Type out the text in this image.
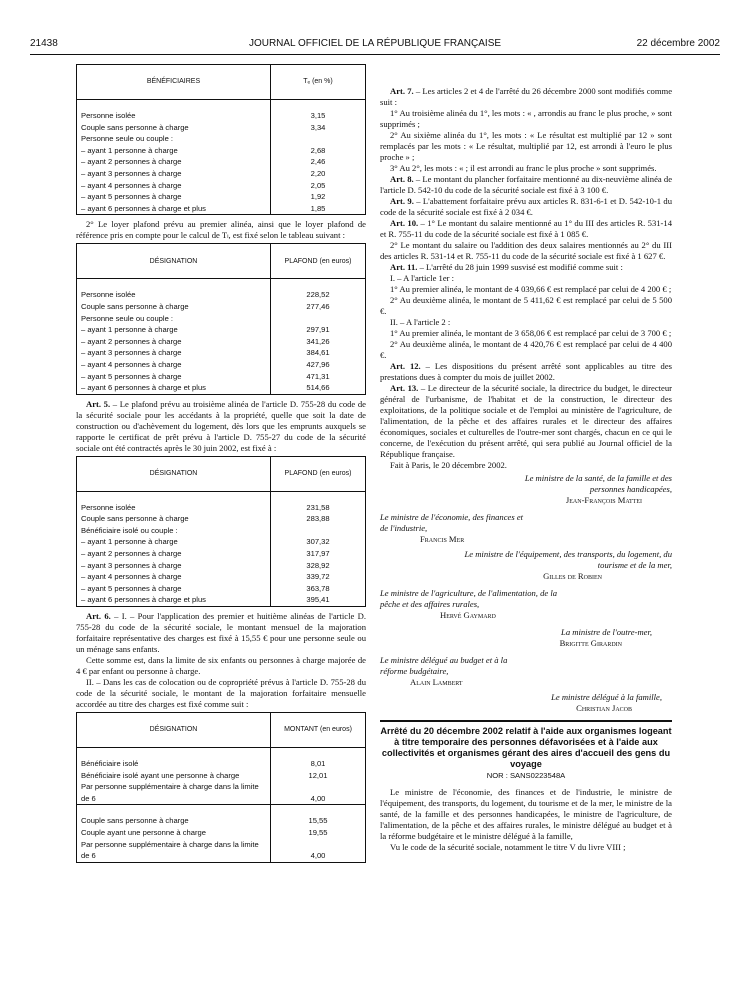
21438	JOURNAL OFFICIEL DE LA RÉPUBLIQUE FRANÇAISE	22 décembre 2002
BÉNÉFICIAIRES	Tₑ (en %)
Personne isolée	3,15
Couple sans personne à charge	3,34
Personne seule ou couple :	
– ayant 1 personne à charge	2,68
– ayant 2 personnes à charge	2,46
– ayant 3 personnes à charge	2,20
– ayant 4 personnes à charge	2,05
– ayant 5 personnes à charge	1,92
– ayant 6 personnes à charge et plus	1,85

2° Le loyer plafond prévu au premier alinéa, ainsi que le loyer plafond de référence pris en compte pour le calcul de Tₗ, est fixé selon le tableau suivant :

DÉSIGNATION	PLAFOND (en euros)
Personne isolée	228,52
Couple sans personne à charge	277,46
Personne seule ou couple :	
– ayant 1 personne à charge	297,91
– ayant 2 personnes à charge	341,26
– ayant 3 personnes à charge	384,61
– ayant 4 personnes à charge	427,96
– ayant 5 personnes à charge	471,31
– ayant 6 personnes à charge et plus	514,66

Art. 5. – Le plafond prévu au troisième alinéa de l'article D. 755-28 du code de la sécurité sociale pour les accédants à la propriété, quelle que soit la date de construction ou d'achèvement du logement, dès lors que les emprunts auxquels se rapporte le certificat de prêt prévu à l'article D. 755-27 du code de la sécurité sociale ont été contractés après le 30 juin 2002, est fixé à :

DÉSIGNATION	PLAFOND (en euros)
Personne isolée	231,58
Couple sans personne à charge	283,88
Bénéficiaire isolé ou couple :	
– ayant 1 personne à charge	307,32
– ayant 2 personnes à charge	317,97
– ayant 3 personnes à charge	328,92
– ayant 4 personnes à charge	339,72
– ayant 5 personnes à charge	363,78
– ayant 6 personnes à charge et plus	395,41

Art. 6. – I. – Pour l'application des premier et huitième alinéas de l'article D. 755-28 du code de la sécurité sociale, le montant mensuel de la majoration forfaitaire représentative des charges est fixé à 15,55 € pour une personne seule ou un ménage sans enfants.

Cette somme est, dans la limite de six enfants ou personnes à charge majorée de 4 € par enfant ou personne à charge.

II. – Dans les cas de colocation ou de copropriété prévus à l'article D. 755-28 du code de la sécurité sociale, le montant de la majoration forfaitaire mensuelle accordée au titre des charges est fixé comme suit :

DÉSIGNATION	MONTANT (en euros)
Bénéficiaire isolé	8,01
Bénéficiaire isolé ayant une personne à charge	12,01
Par personne supplémentaire à charge dans la limite de 6	4,00
Couple sans personne à charge	15,55
Couple ayant une personne à charge	19,55
Par personne supplémentaire à charge dans la limite de 6	4,00

Art. 7. – Les articles 2 et 4 de l'arrêté du 26 décembre 2000 sont modifiés comme suit :

1° Au troisième alinéa du 1°, les mots : « , arrondis au franc le plus proche, » sont supprimés ;

2° Au sixième alinéa du 1°, les mots : « Le résultat est multiplié par 12 » sont remplacés par les mots : « Le résultat, multiplié par 12, est arrondi à l'euro le plus proche » ;

3° Au 2°, les mots : « ; il est arrondi au franc le plus proche » sont supprimés.

Art. 8. – Le montant du plancher forfaitaire mentionné au dix-neuvième alinéa de l'article D. 542-10 du code de la sécurité sociale est fixé à 3 100 €.

Art. 9. – L'abattement forfaitaire prévu aux articles R. 831-6-1 et D. 542-10-1 du code de la sécurité sociale est fixé à 2 034 €.

Art. 10. – 1° Le montant du salaire mentionné au 1° du III des articles R. 531-14 et R. 755-11 du code de la sécurité sociale est fixé à 1 085 €.

2° Le montant du salaire ou l'addition des deux salaires mentionnés au 2° du III des articles R. 531-14 et R. 755-11 du code de la sécurité sociale est fixé à 1 627 €.

Art. 11. – L'arrêté du 28 juin 1999 susvisé est modifié comme suit :

I. – A l'article 1er :

1° Au premier alinéa, le montant de 4 039,66 € est remplacé par celui de 4 200 € ;

2° Au deuxième alinéa, le montant de 5 411,62 € est remplacé par celui de 5 500 €.

II. – A l'article 2 :

1° Au premier alinéa, le montant de 3 658,06 € est remplacé par celui de 3 700 € ;

2° Au deuxième alinéa, le montant de 4 420,76 € est remplacé par celui de 4 400 €.

Art. 12. – Les dispositions du présent arrêté sont applicables au titre des prestations dues à compter du mois de juillet 2002.

Art. 13. – Le directeur de la sécurité sociale, la directrice du budget, le directeur général de l'urbanisme, de l'habitat et de la construction, le directeur des exploitations, de la politique sociale et de l'emploi au ministère de l'agriculture, de l'alimentation, de la pêche et des affaires rurales et le directeur des affaires économiques, sociales et culturelles de l'outre-mer sont chargés, chacun en ce qui le concerne, de l'exécution du présent arrêté, qui sera publié au Journal officiel de la République française.

Fait à Paris, le 20 décembre 2002.

Le ministre de la santé, de la famille et des personnes handicapées,
Jean-François Mattei
Le ministre de l'économie, des finances et de l'industrie,
Francis Mer
Le ministre de l'équipement, des transports, du logement, du tourisme et de la mer,
Gilles de Robien
Le ministre de l'agriculture, de l'alimentation, de la pêche et des affaires rurales,
Hervé Gaymard
La ministre de l'outre-mer,
Brigitte Girardin
Le ministre délégué au budget et à la réforme budgétaire,
Alain Lambert
Le ministre délégué à la famille,
Christian Jacob
Arrêté du 20 décembre 2002 relatif à l'aide aux organismes logeant à titre temporaire des personnes défavorisées et à l'aide aux collectivités et organismes gérant des aires d'accueil des gens du voyage
NOR : SANS0223548A

Le ministre de l'économie, des finances et de l'industrie, le ministre de l'équipement, des transports, du logement, du tourisme et de la mer, le ministre de la santé, de la famille et des personnes handicapées, le ministre de l'agriculture, de l'alimentation, de la pêche et des affaires rurales, le ministre délégué au budget et à la réforme budgétaire et le ministre délégué à la famille,

Vu le code de la sécurité sociale, notamment le titre V du livre VIII ;
